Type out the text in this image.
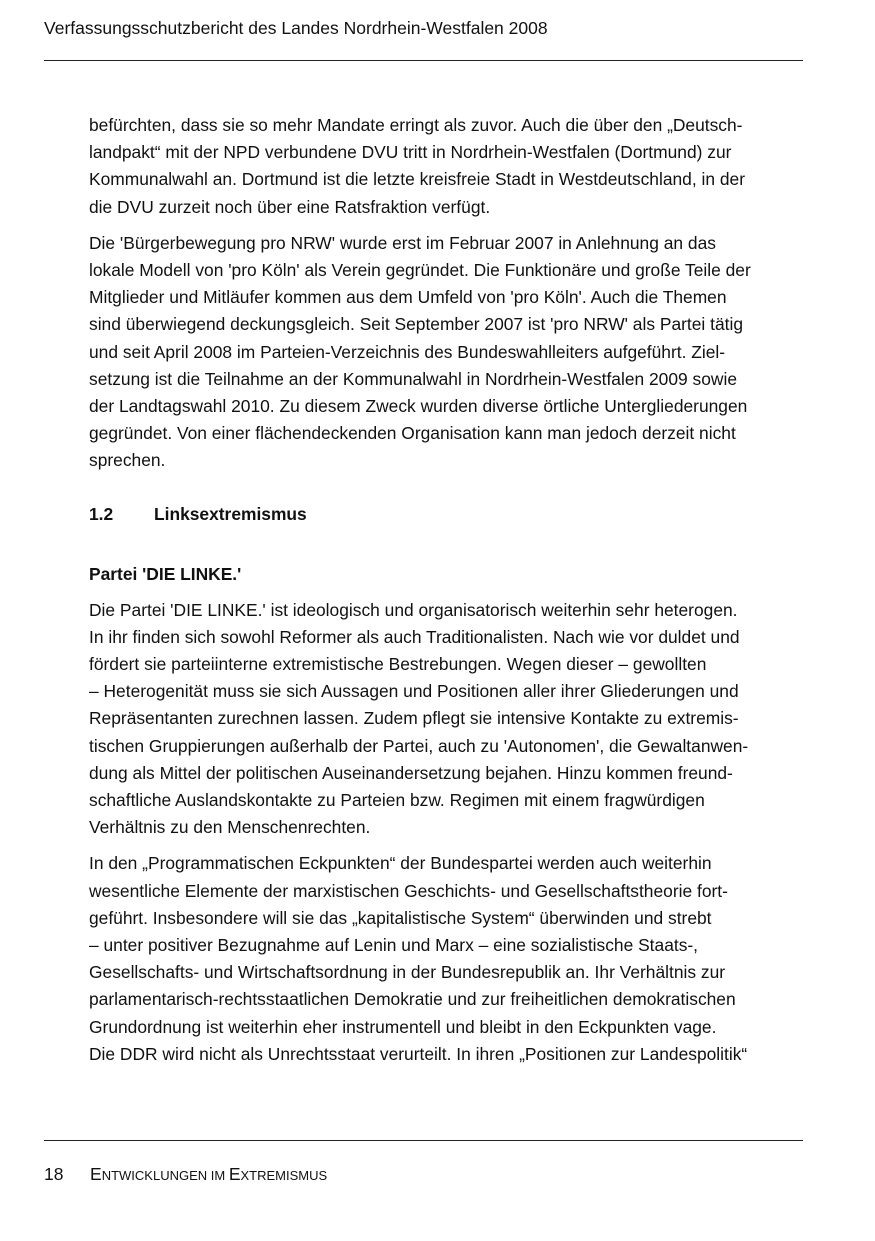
Verfassungsschutzbericht des Landes Nordrhein-Westfalen 2008
befürchten, dass sie so mehr Mandate erringt als zuvor. Auch die über den „Deutsch-
landpakt“ mit der NPD verbundene DVU tritt in Nordrhein-Westfalen (Dortmund) zur
Kommunalwahl an. Dortmund ist die letzte kreisfreie Stadt in Westdeutschland, in der
die DVU zurzeit noch über eine Ratsfraktion verfügt.
Die 'Bürgerbewegung pro NRW' wurde erst im Februar 2007 in Anlehnung an das
lokale Modell von 'pro Köln' als Verein gegründet. Die Funktionäre und große Teile der
Mitglieder und Mitläufer kommen aus dem Umfeld von 'pro Köln'. Auch die Themen
sind überwiegend deckungsgleich. Seit September 2007 ist 'pro NRW' als Partei tätig
und seit April 2008 im Parteien-Verzeichnis des Bundeswahlleiters aufgeführt. Ziel-
setzung ist die Teilnahme an der Kommunalwahl in Nordrhein-Westfalen 2009 sowie
der Landtagswahl 2010. Zu diesem Zweck wurden diverse örtliche Untergliederungen
gegründet. Von einer flächendeckenden Organisation kann man jedoch derzeit nicht
sprechen.
1.2 Linksextremismus
Partei 'DIE LINKE.'
Die Partei 'DIE LINKE.' ist ideologisch und organisatorisch weiterhin sehr heterogen.
In ihr finden sich sowohl Reformer als auch Traditionalisten. Nach wie vor duldet und
fördert sie parteiinterne extremistische Bestrebungen. Wegen dieser – gewollten
– Heterogenität muss sie sich Aussagen und Positionen aller ihrer Gliederungen und
Repräsentanten zurechnen lassen. Zudem pflegt sie intensive Kontakte zu extremis-
tischen Gruppierungen außerhalb der Partei, auch zu 'Autonomen', die Gewaltanwen-
dung als Mittel der politischen Auseinandersetzung bejahen. Hinzu kommen freund-
schaftliche Auslandskontakte zu Parteien bzw. Regimen mit einem fragwürdigen
Verhältnis zu den Menschenrechten.
In den „Programmatischen Eckpunkten“ der Bundespartei werden auch weiterhin
wesentliche Elemente der marxistischen Geschichts- und Gesellschaftstheorie fort-
geführt. Insbesondere will sie das „kapitalistische System“ überwinden und strebt
– unter positiver Bezugnahme auf Lenin und Marx – eine sozialistische Staats-,
Gesellschafts- und Wirtschaftsordnung in der Bundesrepublik an. Ihr Verhältnis zur
parlamentarisch-rechtsstaatlichen Demokratie und zur freiheitlichen demokratischen
Grundordnung ist weiterhin eher instrumentell und bleibt in den Eckpunkten vage.
Die DDR wird nicht als Unrechtsstaat verurteilt. In ihren „Positionen zur Landespolitik“
18 ENTWICKLUNGEN IM EXTREMISMUS
